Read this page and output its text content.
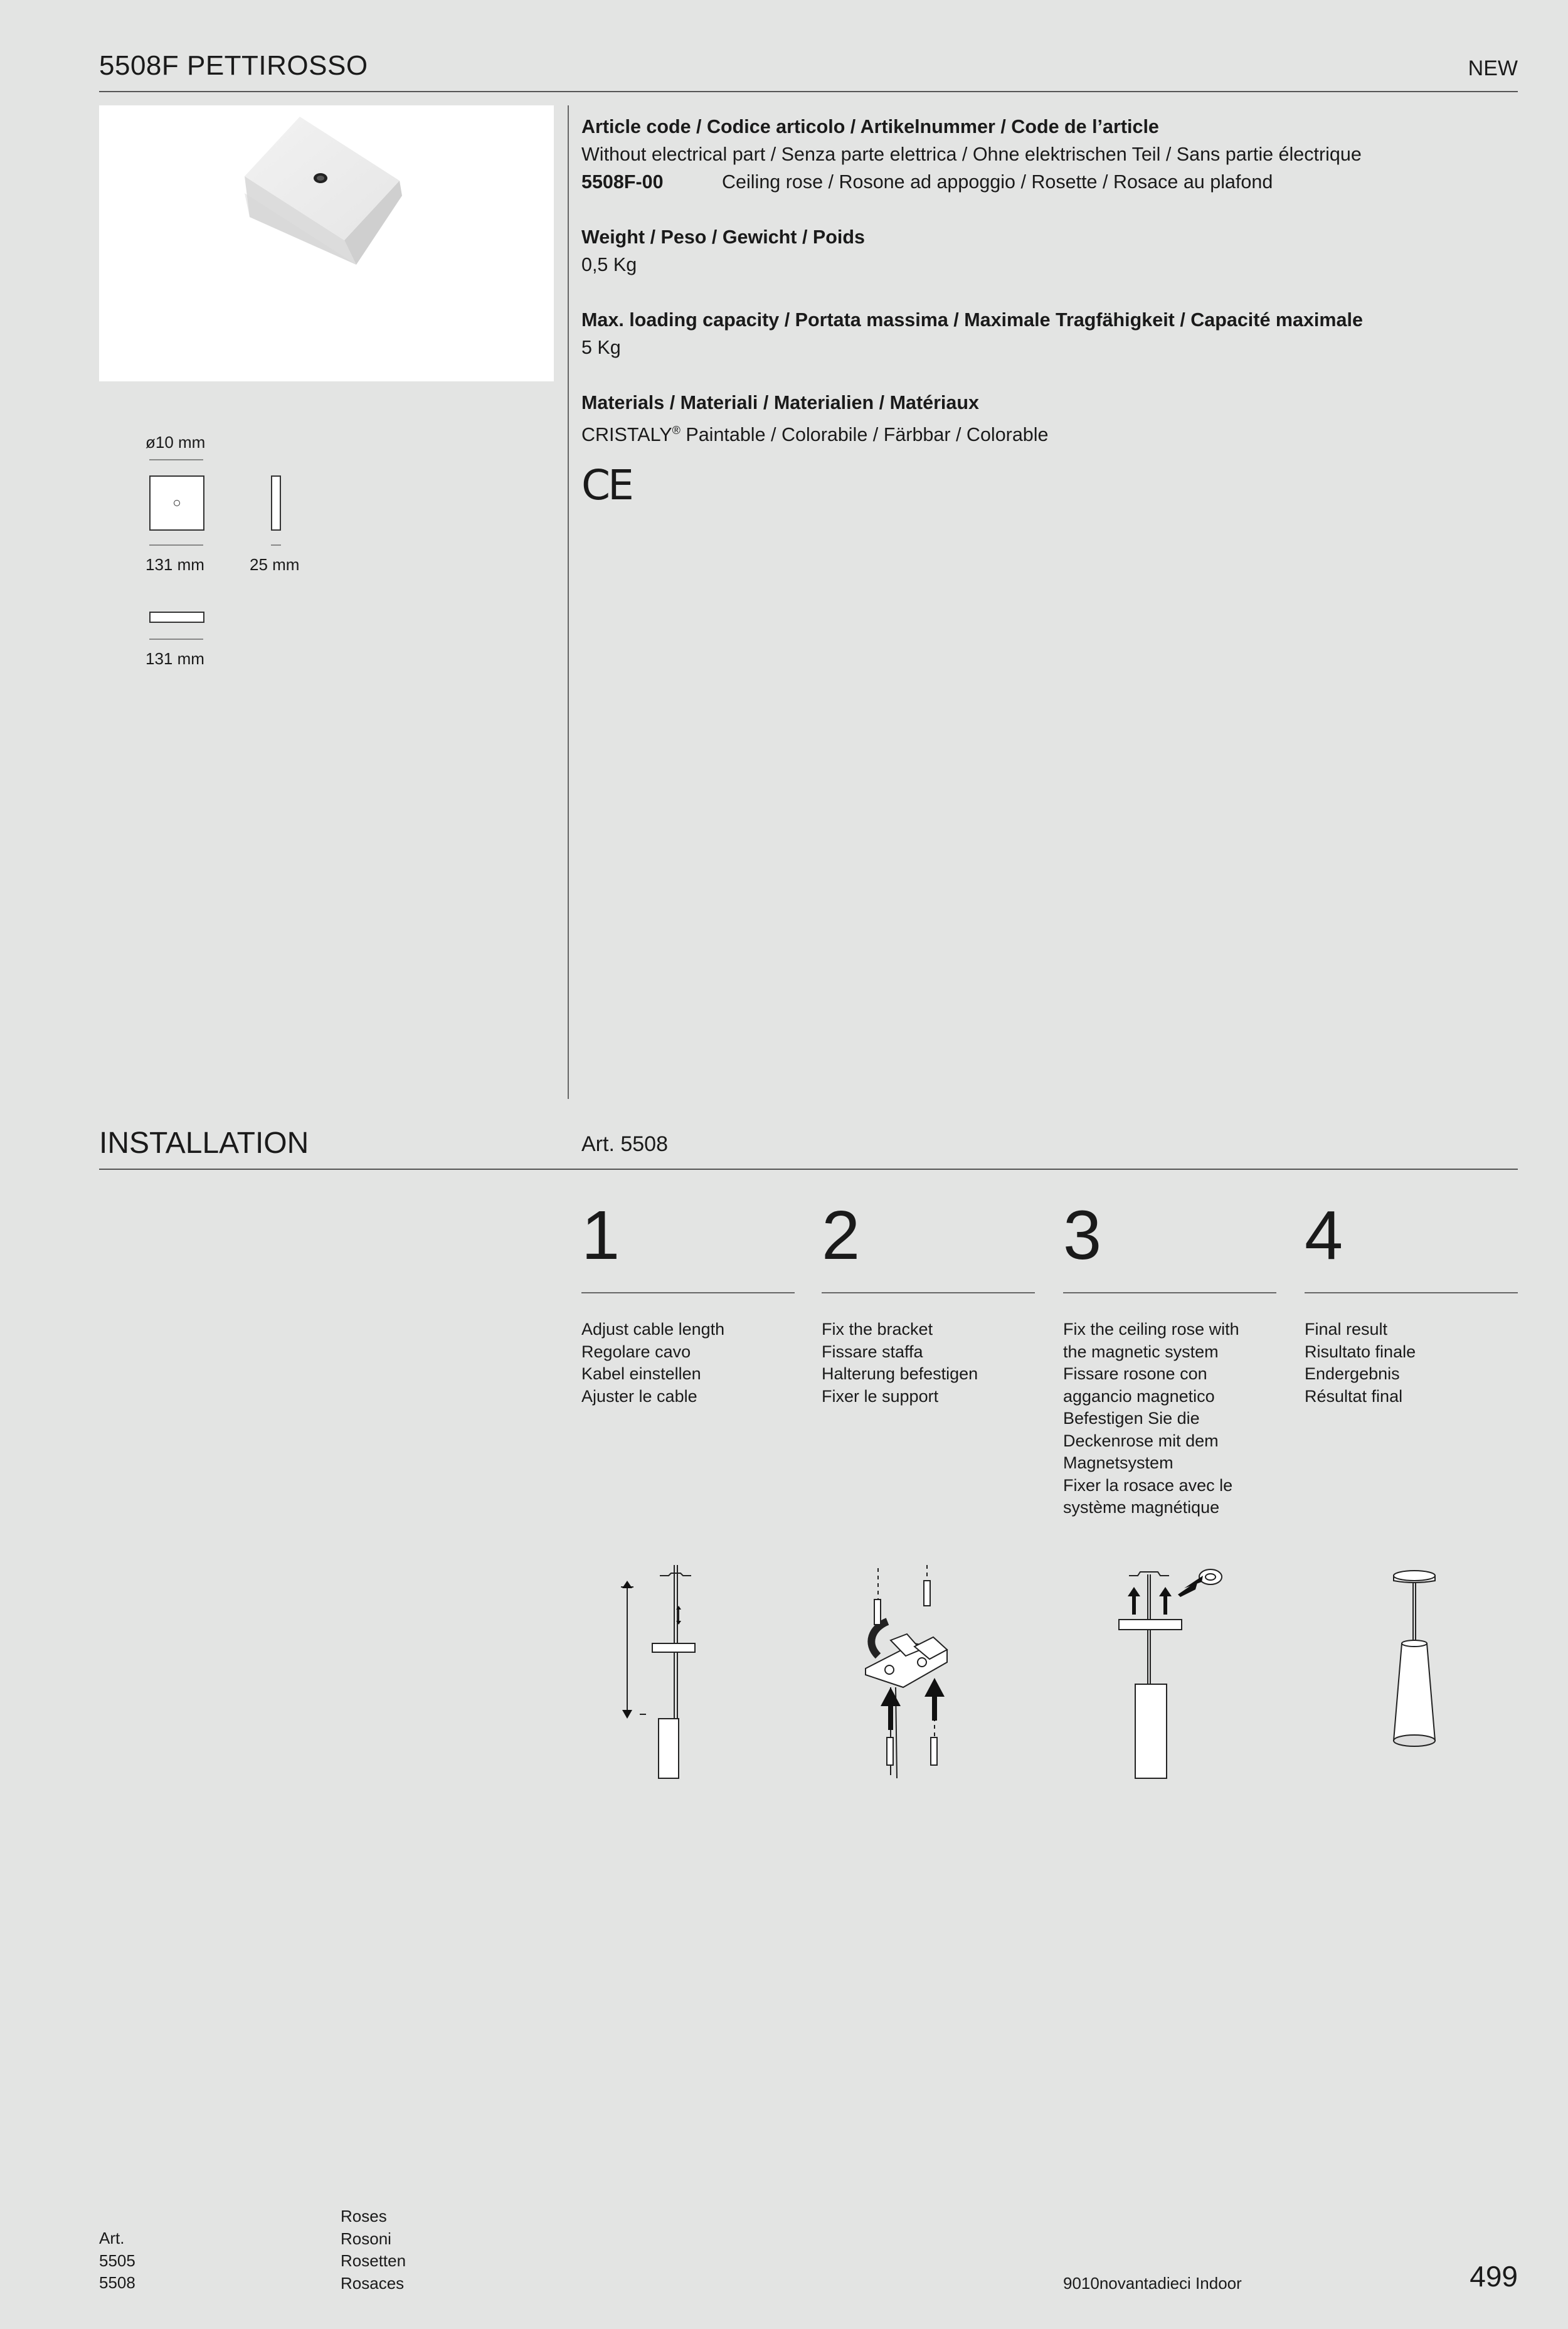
5508F PETTIROSSO	NEW
ø10 mm
131 mm	25 mm
131 mm
Article code / Codice articolo / Artikelnummer / Code de l’article
Without electrical part / Senza parte elettrica / Ohne elektrischen Teil / Sans partie électrique
5508F-00	Ceiling rose / Rosone ad appoggio / Rosette / Rosace au plafond
Weight / Peso / Gewicht / Poids
0,5 Kg
Max. loading capacity / Portata massima / Maximale Tragfähigkeit / Capacité maximale
5 Kg
Materials / Materiali / Materialien / Matériaux
CRISTALY® Paintable / Colorabile / Färbbar / Colorable
CE
INSTALLATION	Art. 5508
1
Adjust cable length
Regolare cavo
Kabel einstellen
Ajuster le cable
2
Fix the bracket
Fissare staffa
Halterung befestigen
Fixer le support
3
Fix the ceiling rose with
the magnetic system
Fissare rosone con
aggancio magnetico
Befestigen Sie die
Deckenrose mit dem
Magnetsystem
Fixer la rosace avec le
système magnétique
4
Final result
Risultato finale
Endergebnis
Résultat final
Art.
5505
5508
Roses
Rosoni
Rosetten
Rosaces	9010novantadieci Indoor	499
